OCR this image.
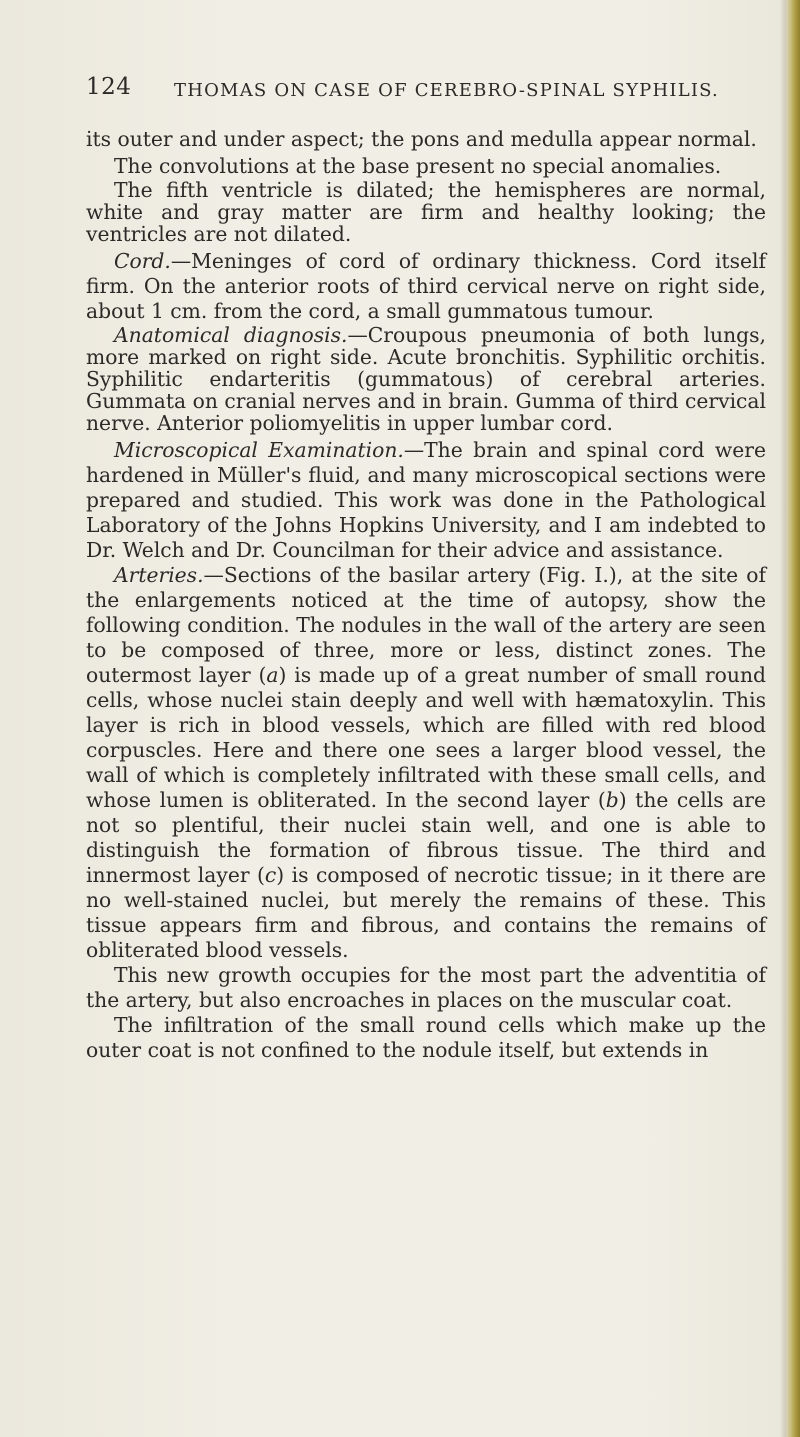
124 THOMAS ON CASE OF CEREBRO-SPINAL SYPHILIS.

its outer and under aspect; the pons and medulla appear normal.

The convolutions at the base present no special anomalies.

The fifth ventricle is dilated; the hemispheres are normal, white and gray matter are firm and healthy looking; the ventricles are not dilated.

Cord.—Meninges of cord of ordinary thickness. Cord itself firm. On the anterior roots of third cervical nerve on right side, about 1 cm. from the cord, a small gummatous tumour.

Anatomical diagnosis.—Croupous pneumonia of both lungs, more marked on right side. Acute bronchitis. Syphilitic orchitis. Syphilitic endarteritis (gummatous) of cerebral arteries. Gummata on cranial nerves and in brain. Gumma of third cervical nerve. Anterior poliomyelitis in upper lumbar cord.

Microscopical Examination.—The brain and spinal cord were hardened in Müller's fluid, and many microscopical sections were prepared and studied. This work was done in the Pathological Laboratory of the Johns Hopkins University, and I am indebted to Dr. Welch and Dr. Councilman for their advice and assistance.

Arteries.—Sections of the basilar artery (Fig. I.), at the site of the enlargements noticed at the time of autopsy, show the following condition. The nodules in the wall of the artery are seen to be composed of three, more or less, distinct zones. The outermost layer (a) is made up of a great number of small round cells, whose nuclei stain deeply and well with hæmatoxylin. This layer is rich in blood vessels, which are filled with red blood corpuscles. Here and there one sees a larger blood vessel, the wall of which is completely infiltrated with these small cells, and whose lumen is obliterated. In the second layer (b) the cells are not so plentiful, their nuclei stain well, and one is able to distinguish the formation of fibrous tissue. The third and innermost layer (c) is composed of necrotic tissue; in it there are no well-stained nuclei, but merely the remains of these. This tissue appears firm and fibrous, and contains the remains of obliterated blood vessels.

This new growth occupies for the most part the adventitia of the artery, but also encroaches in places on the muscular coat.

The infiltration of the small round cells which make up the outer coat is not confined to the nodule itself, but extends in
